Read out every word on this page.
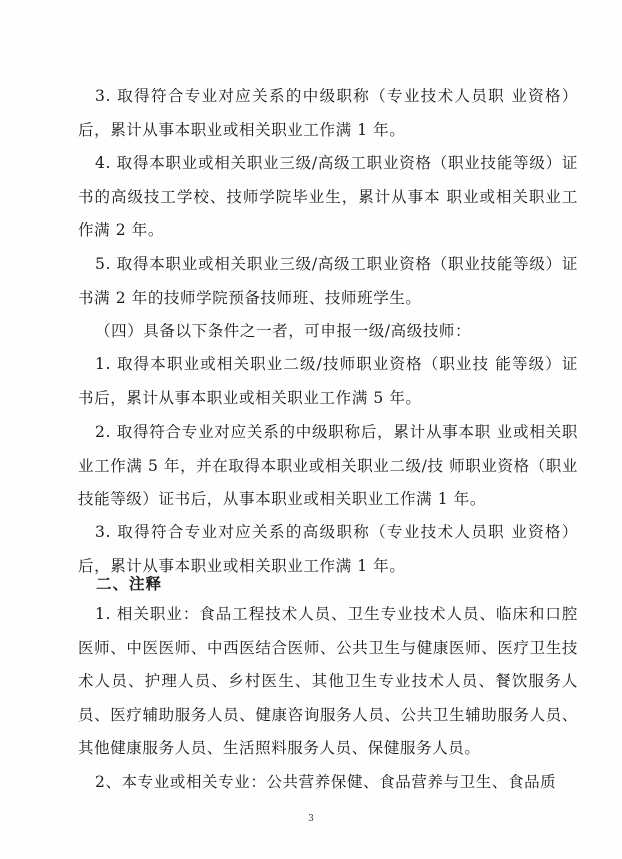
3. 取得符合专业对应关系的中级职称（专业技术人员职 业资格）后，累计从事本职业或相关职业工作满 1 年。

4. 取得本职业或相关职业三级/高级工职业资格（职业技能等级）证书的高级技工学校、技师学院毕业生，累计从事本 职业或相关职业工作满 2 年。

5. 取得本职业或相关职业三级/高级工职业资格（职业技能等级）证书满 2 年的技师学院预备技师班、技师班学生。

（四）具备以下条件之一者，可申报一级/高级技师：

1. 取得本职业或相关职业二级/技师职业资格（职业技 能等级）证书后，累计从事本职业或相关职业工作满 5 年。

2. 取得符合专业对应关系的中级职称后，累计从事本职 业或相关职业工作满 5 年，并在取得本职业或相关职业二级/技 师职业资格（职业技能等级）证书后，从事本职业或相关职业工作满 1 年。

3. 取得符合专业对应关系的高级职称（专业技术人员职 业资格）后，累计从事本职业或相关职业工作满 1 年。

二、注释

1. 相关职业：食品工程技术人员、卫生专业技术人员、临床和口腔医师、中医医师、中西医结合医师、公共卫生与健康医师、医疗卫生技术人员、护理人员、乡村医生、其他卫生专业技术人员、餐饮服务人员、医疗辅助服务人员、健康咨询服务人员、公共卫生辅助服务人员、其他健康服务人员、生活照料服务人员、保健服务人员。

2、本专业或相关专业：公共营养保健、食品营养与卫生、食品质

3
